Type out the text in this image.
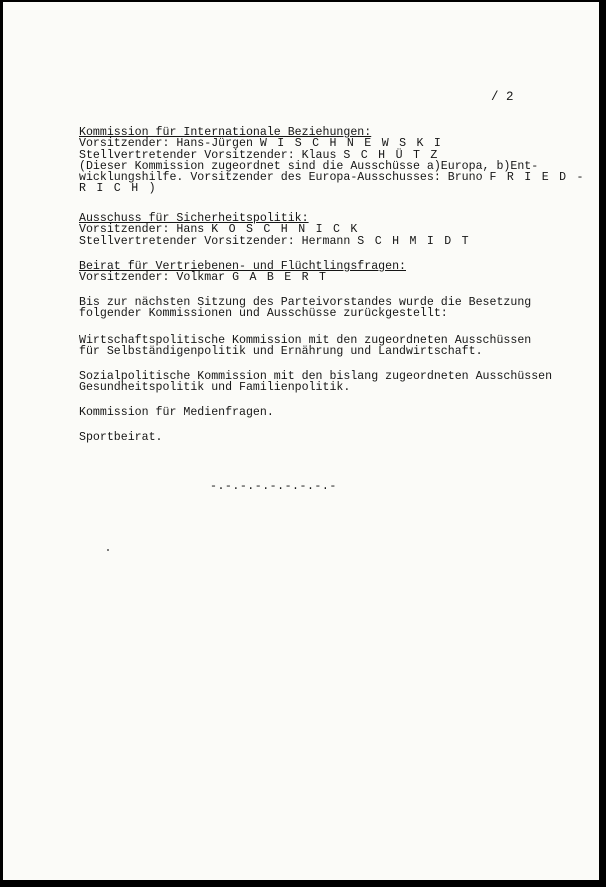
/ 2
Kommission für Internationale Beziehungen:
Vorsitzender: Hans-Jürgen WISCHNEWSKI
Stellvertretender Vorsitzender: Klaus SCHÜTZ
(Dieser Kommission zugeordnet sind die Ausschüsse a)Europa, b)Ent-
wicklungshilfe. Vorsitzender des Europa-Ausschusses: Bruno FRIED-
RICH)
Ausschuss für Sicherheitspolitik:
Vorsitzender: Hans KOSCHNICK
Stellvertretender Vorsitzender: Hermann SCHMIDT
Beirat für Vertriebenen- und Flüchtlingsfragen:
Vorsitzender: Volkmar GABERT
Bis zur nächsten Sitzung des Parteivorstandes wurde die Besetzung
folgender Kommissionen und Ausschüsse zurückgestellt:
Wirtschaftspolitische Kommission mit den zugeordneten Ausschüssen
für Selbständigenpolitik und Ernährung und Landwirtschaft.
Sozialpolitische Kommission mit den bislang zugeordneten Ausschüssen
Gesundheitspolitik und Familienpolitik.
Kommission für Medienfragen.
Sportbeirat.
-.-.-.-.-.-.-.-.-
